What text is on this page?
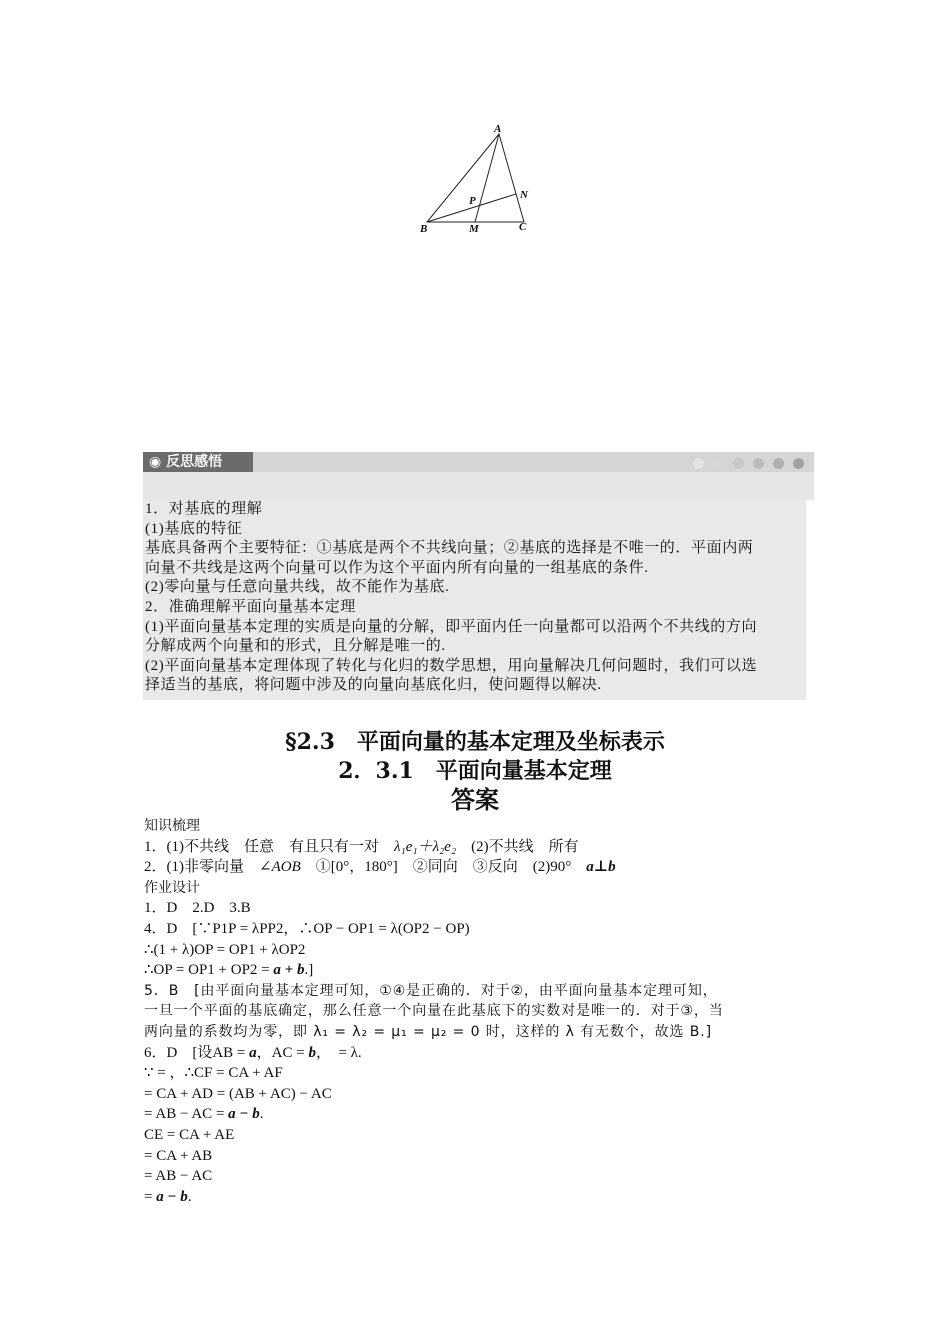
A
B	M	C
N
P
◉ 反思感悟

1．对基底的理解

(1)基底的特征

基底具备两个主要特征：①基底是两个不共线向量；②基底的选择是不唯一的．平面内两

向量不共线是这两个向量可以作为这个平面内所有向量的一组基底的条件.

(2)零向量与任意向量共线，故不能作为基底.

2．准确理解平面向量基本定理

(1)平面向量基本定理的实质是向量的分解，即平面内任一向量都可以沿两个不共线的方向

分解成两个向量和的形式，且分解是唯一的.

(2)平面向量基本定理体现了转化与化归的数学思想，用向量解决几何问题时，我们可以选

择适当的基底，将问题中涉及的向量向基底化归，使问题得以解决.

§2.3　平面向量的基本定理及坐标表示
2．3.1　平面向量基本定理
答案

知识梳理

1．(1)不共线　任意　有且只有一对　λ₁e₁＋λ₂e₂　(2)不共线　所有

2．(1)非零向量　∠AOB　①[0°，180°]　②同向　③反向　(2)90°　a⊥b

作业设计

1．D　2.D　3.B

4．D　[∵P1P = λPP2，∴OP − OP1 = λ(OP2 − OP)

∴(1 + λ)OP = OP1 + λOP2

∴OP = OP1 + OP2 = a + b.]

5．B　[由平面向量基本定理可知，①④是正确的．对于②，由平面向量基本定理可知，

一旦一个平面的基底确定，那么任意一个向量在此基底下的实数对是唯一的．对于③，当

两向量的系数均为零，即 λ₁ = λ₂ = μ₁ = μ₂ = 0 时，这样的 λ 有无数个，故选 B.]

6．D　[设AB = a，AC = b，　= λ.

∵ = ，∴CF = CA + AF

= CA + AD = (AB + AC) − AC

= AB − AC = a − b.

CE = CA + AE

= CA + AB

= AB − AC

= a − b.
